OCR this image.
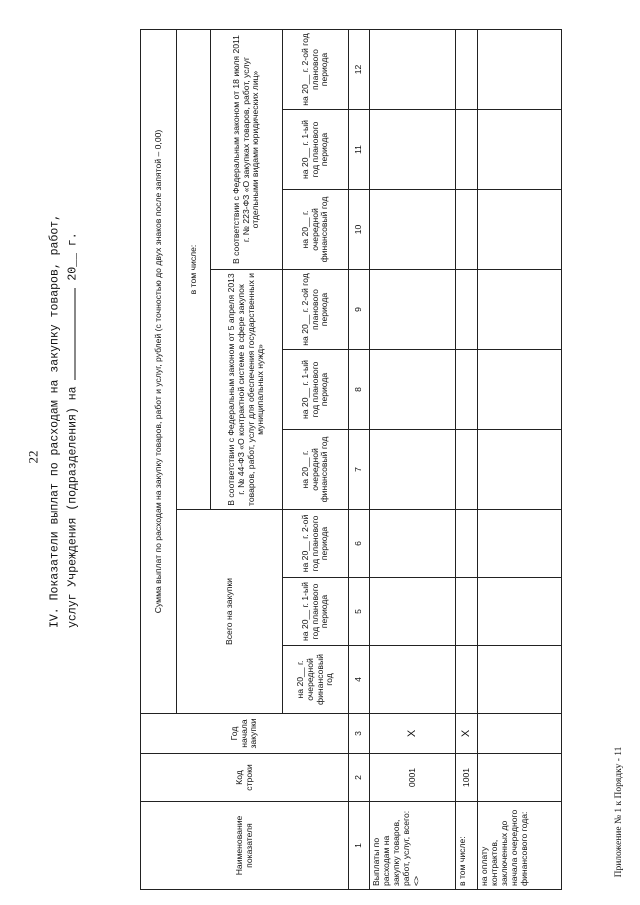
22 IV. Показатели выплат по расходам на закупку товаров, работ, услуг Учреждения (подразделения) на  20__ г.
Приложение № 1 к Порядку - 11
Наименование показателя	Код строки	Год начала закупки	Сумма выплат по расходам на закупку товаров, работ и услуг, рублей (с точностью до двух знаков после запятой – 0,00)								
			Всего на закупки			в том числе:					
						В соответствии с Федеральным законом от 5 апреля 2013 г. № 44-ФЗ «О контрактной системе в сфере закупок товаров, работ, услуг для обеспечения государственных и муниципальных нужд»			В соответствии с Федеральным законом от 18 июля 2011 г. № 223-ФЗ «О закупках товаров, работ, услуг отдельными видами юридических лиц»		
			на 20__ г. очередной финансовый год	на 20__ г. 1-ый год планового периода	на 20__ г. 2-ой год планового периода	на 20__ г. очередной финансовый год	на 20__ г. 1-ый год планового периода	на 20__ г. 2-ой год планового периода	на 20__ г. очередной финансовый год	на 20__ г. 1-ый год планового периода	на 20__ г. 2-ой год планового периода
1	2	3	4	5	6	7	8	9	10	11	12
Выплаты по расходам на закупку товаров, работ, услуг, всего: <>	0001	X									
в том числе:	1001	X									
на оплату контрактов, заключенных до начала очередного финансового года:											
